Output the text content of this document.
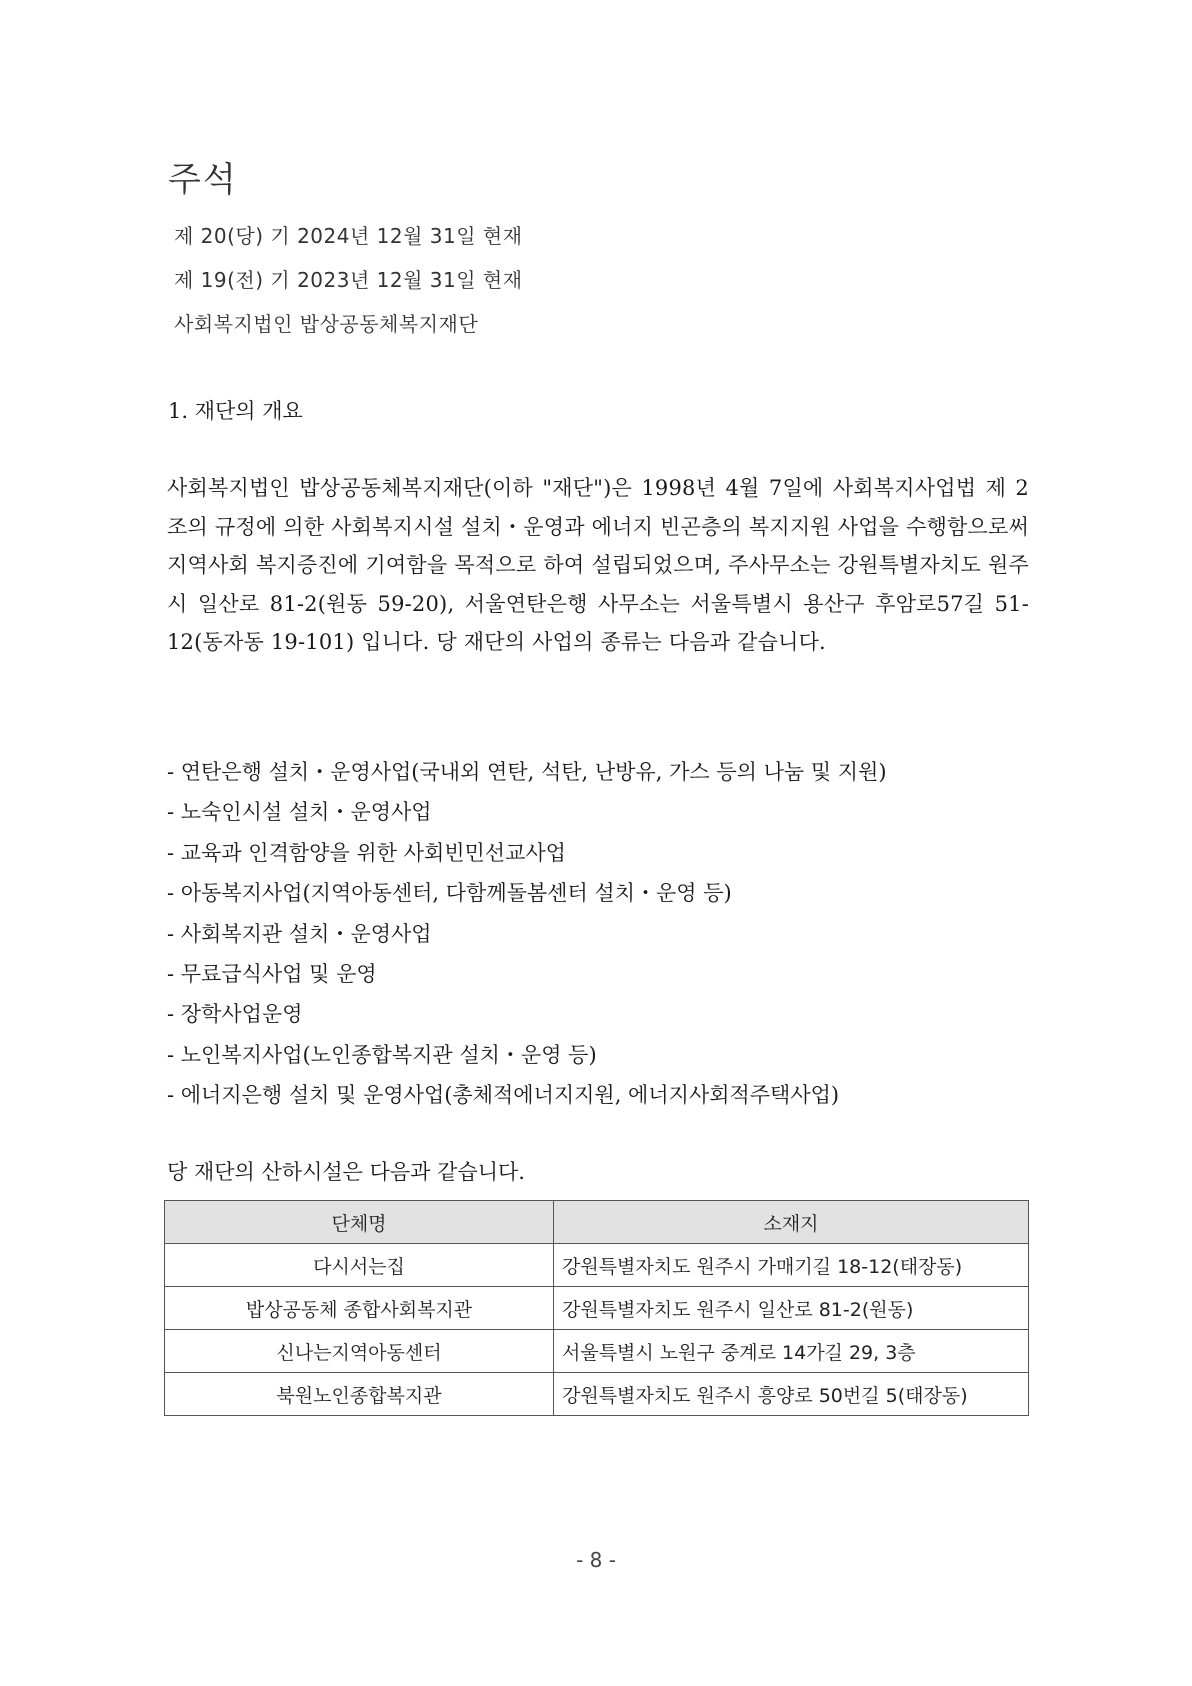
주석
제 20(당) 기 2024년 12월 31일 현재
제 19(전) 기 2023년 12월 31일 현재
사회복지법인 밥상공동체복지재단
1. 재단의 개요
사회복지법인 밥상공동체복지재단(이하 "재단")은 1998년 4월 7일에 사회복지사업법 제 2조의 규정에 의한 사회복지시설 설치・운영과 에너지 빈곤층의 복지지원 사업을 수행함으로써 지역사회 복지증진에 기여함을 목적으로 하여 설립되었으며, 주사무소는 강원특별자치도 원주시 일산로 81-2(원동 59-20), 서울연탄은행 사무소는 서울특별시 용산구 후암로57길 51-12(동자동 19-101) 입니다. 당 재단의 사업의 종류는 다음과 같습니다.
- 연탄은행 설치・운영사업(국내외 연탄, 석탄, 난방유, 가스 등의 나눔 및 지원)
- 노숙인시설 설치・운영사업
- 교육과 인격함양을 위한 사회빈민선교사업
- 아동복지사업(지역아동센터, 다함께돌봄센터 설치・운영 등)
- 사회복지관 설치・운영사업
- 무료급식사업 및 운영
- 장학사업운영
- 노인복지사업(노인종합복지관 설치・운영 등)
- 에너지은행 설치 및 운영사업(총체적에너지지원, 에너지사회적주택사업)
당 재단의 산하시설은 다음과 같습니다.
단체명	소재지
다시서는집	강원특별자치도 원주시 가매기길 18-12(태장동)
밥상공동체 종합사회복지관	강원특별자치도 원주시 일산로 81-2(원동)
신나는지역아동센터	서울특별시 노원구 중계로 14가길 29, 3층
북원노인종합복지관	강원특별자치도 원주시 흥양로 50번길 5(태장동)
- 8 -
